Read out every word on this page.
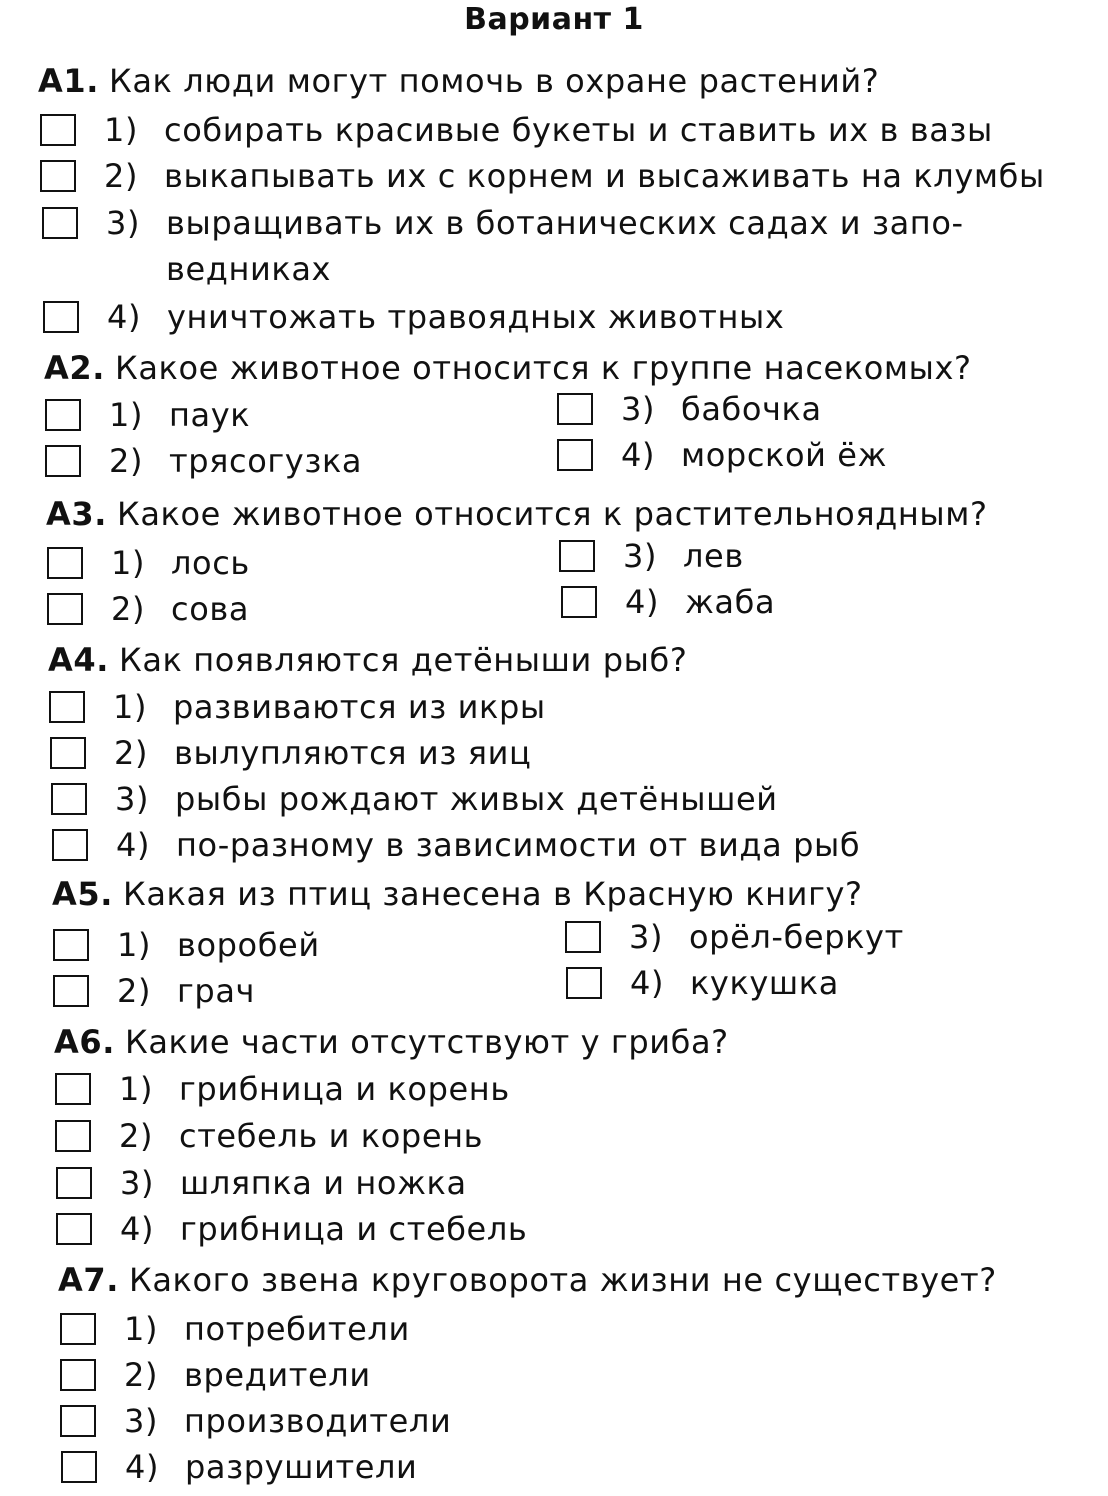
Вариант 1
А1. Как люди могут помочь в охране растений?
1) собирать красивые букеты и ставить их в вазы
2) выкапывать их с корнем и высаживать на клумбы
3) выращивать их в ботанических садах и запо-
ведниках
4) уничтожать травоядных животных
А2. Какое животное относится к группе насекомых?
1) паук
2) трясогузка
3) бабочка
4) морской ёж
А3. Какое животное относится к растительноядным?
1) лось
2) сова
3) лев
4) жаба
А4. Как появляются детёныши рыб?
1) развиваются из икры
2) вылупляются из яиц
3) рыбы рождают живых детёнышей
4) по-разному в зависимости от вида рыб
А5. Какая из птиц занесена в Красную книгу?
1) воробей
2) грач
3) орёл-беркут
4) кукушка
А6. Какие части отсутствуют у гриба?
1) грибница и корень
2) стебель и корень
3) шляпка и ножка
4) грибница и стебель
А7. Какого звена круговорота жизни не существует?
1) потребители
2) вредители
3) производители
4) разрушители
